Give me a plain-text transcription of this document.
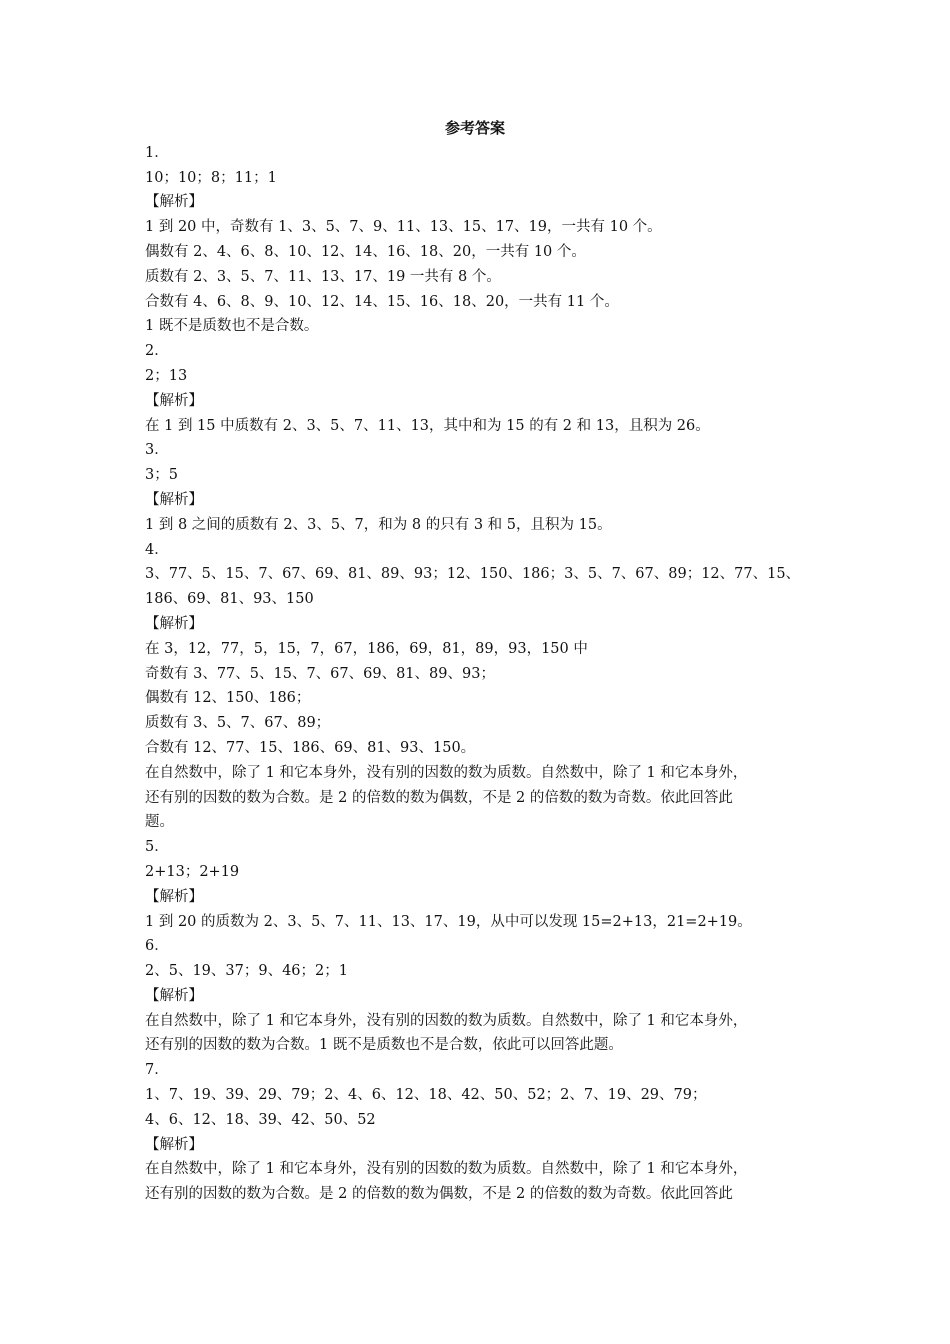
参考答案
1．
10；10；8；11；1
【解析】
1 到 20 中，奇数有 1、3、5、7、9、11、13、15、17、19，一共有 10 个。
偶数有 2、4、6、8、10、12、14、16、18、20，一共有 10 个。
质数有 2、3、5、7、11、13、17、19 一共有 8 个。
合数有 4、6、8、9、10、12、14、15、16、18、20，一共有 11 个。
1 既不是质数也不是合数。
2．
2；13
【解析】
在 1 到 15 中质数有 2、3、5、7、11、13，其中和为 15 的有 2 和 13，且积为 26。
3．
3；5
【解析】
1 到 8 之间的质数有 2、3、5、7，和为 8 的只有 3 和 5，且积为 15。
4．
3、77、5、15、7、67、69、81、89、93；12、150、186；3、5、7、67、89；12、77、15、
186、69、81、93、150
【解析】
在 3，12，77，5，15，7，67，186，69，81，89，93，150 中
奇数有 3、77、5、15、7、67、69、81、89、93；
偶数有 12、150、186；
质数有 3、5、7、67、89；
合数有 12、77、15、186、69、81、93、150。
在自然数中，除了 1 和它本身外，没有别的因数的数为质数。自然数中，除了 1 和它本身外，
还有别的因数的数为合数。是 2 的倍数的数为偶数，不是 2 的倍数的数为奇数。依此回答此
题。
5．
2+13；2+19
【解析】
1 到 20 的质数为 2、3、5、7、11、13、17、19，从中可以发现 15=2+13，21=2+19。
6．
2、5、19、37；9、46；2；1
【解析】
在自然数中，除了 1 和它本身外，没有别的因数的数为质数。自然数中，除了 1 和它本身外，
还有别的因数的数为合数。1 既不是质数也不是合数，依此可以回答此题。
7．
1、7、19、39、29、79；2、4、6、12、18、42、50、52；2、7、19、29、79；
4、6、12、18、39、42、50、52
【解析】
在自然数中，除了 1 和它本身外，没有别的因数的数为质数。自然数中，除了 1 和它本身外，
还有别的因数的数为合数。是 2 的倍数的数为偶数，不是 2 的倍数的数为奇数。依此回答此
